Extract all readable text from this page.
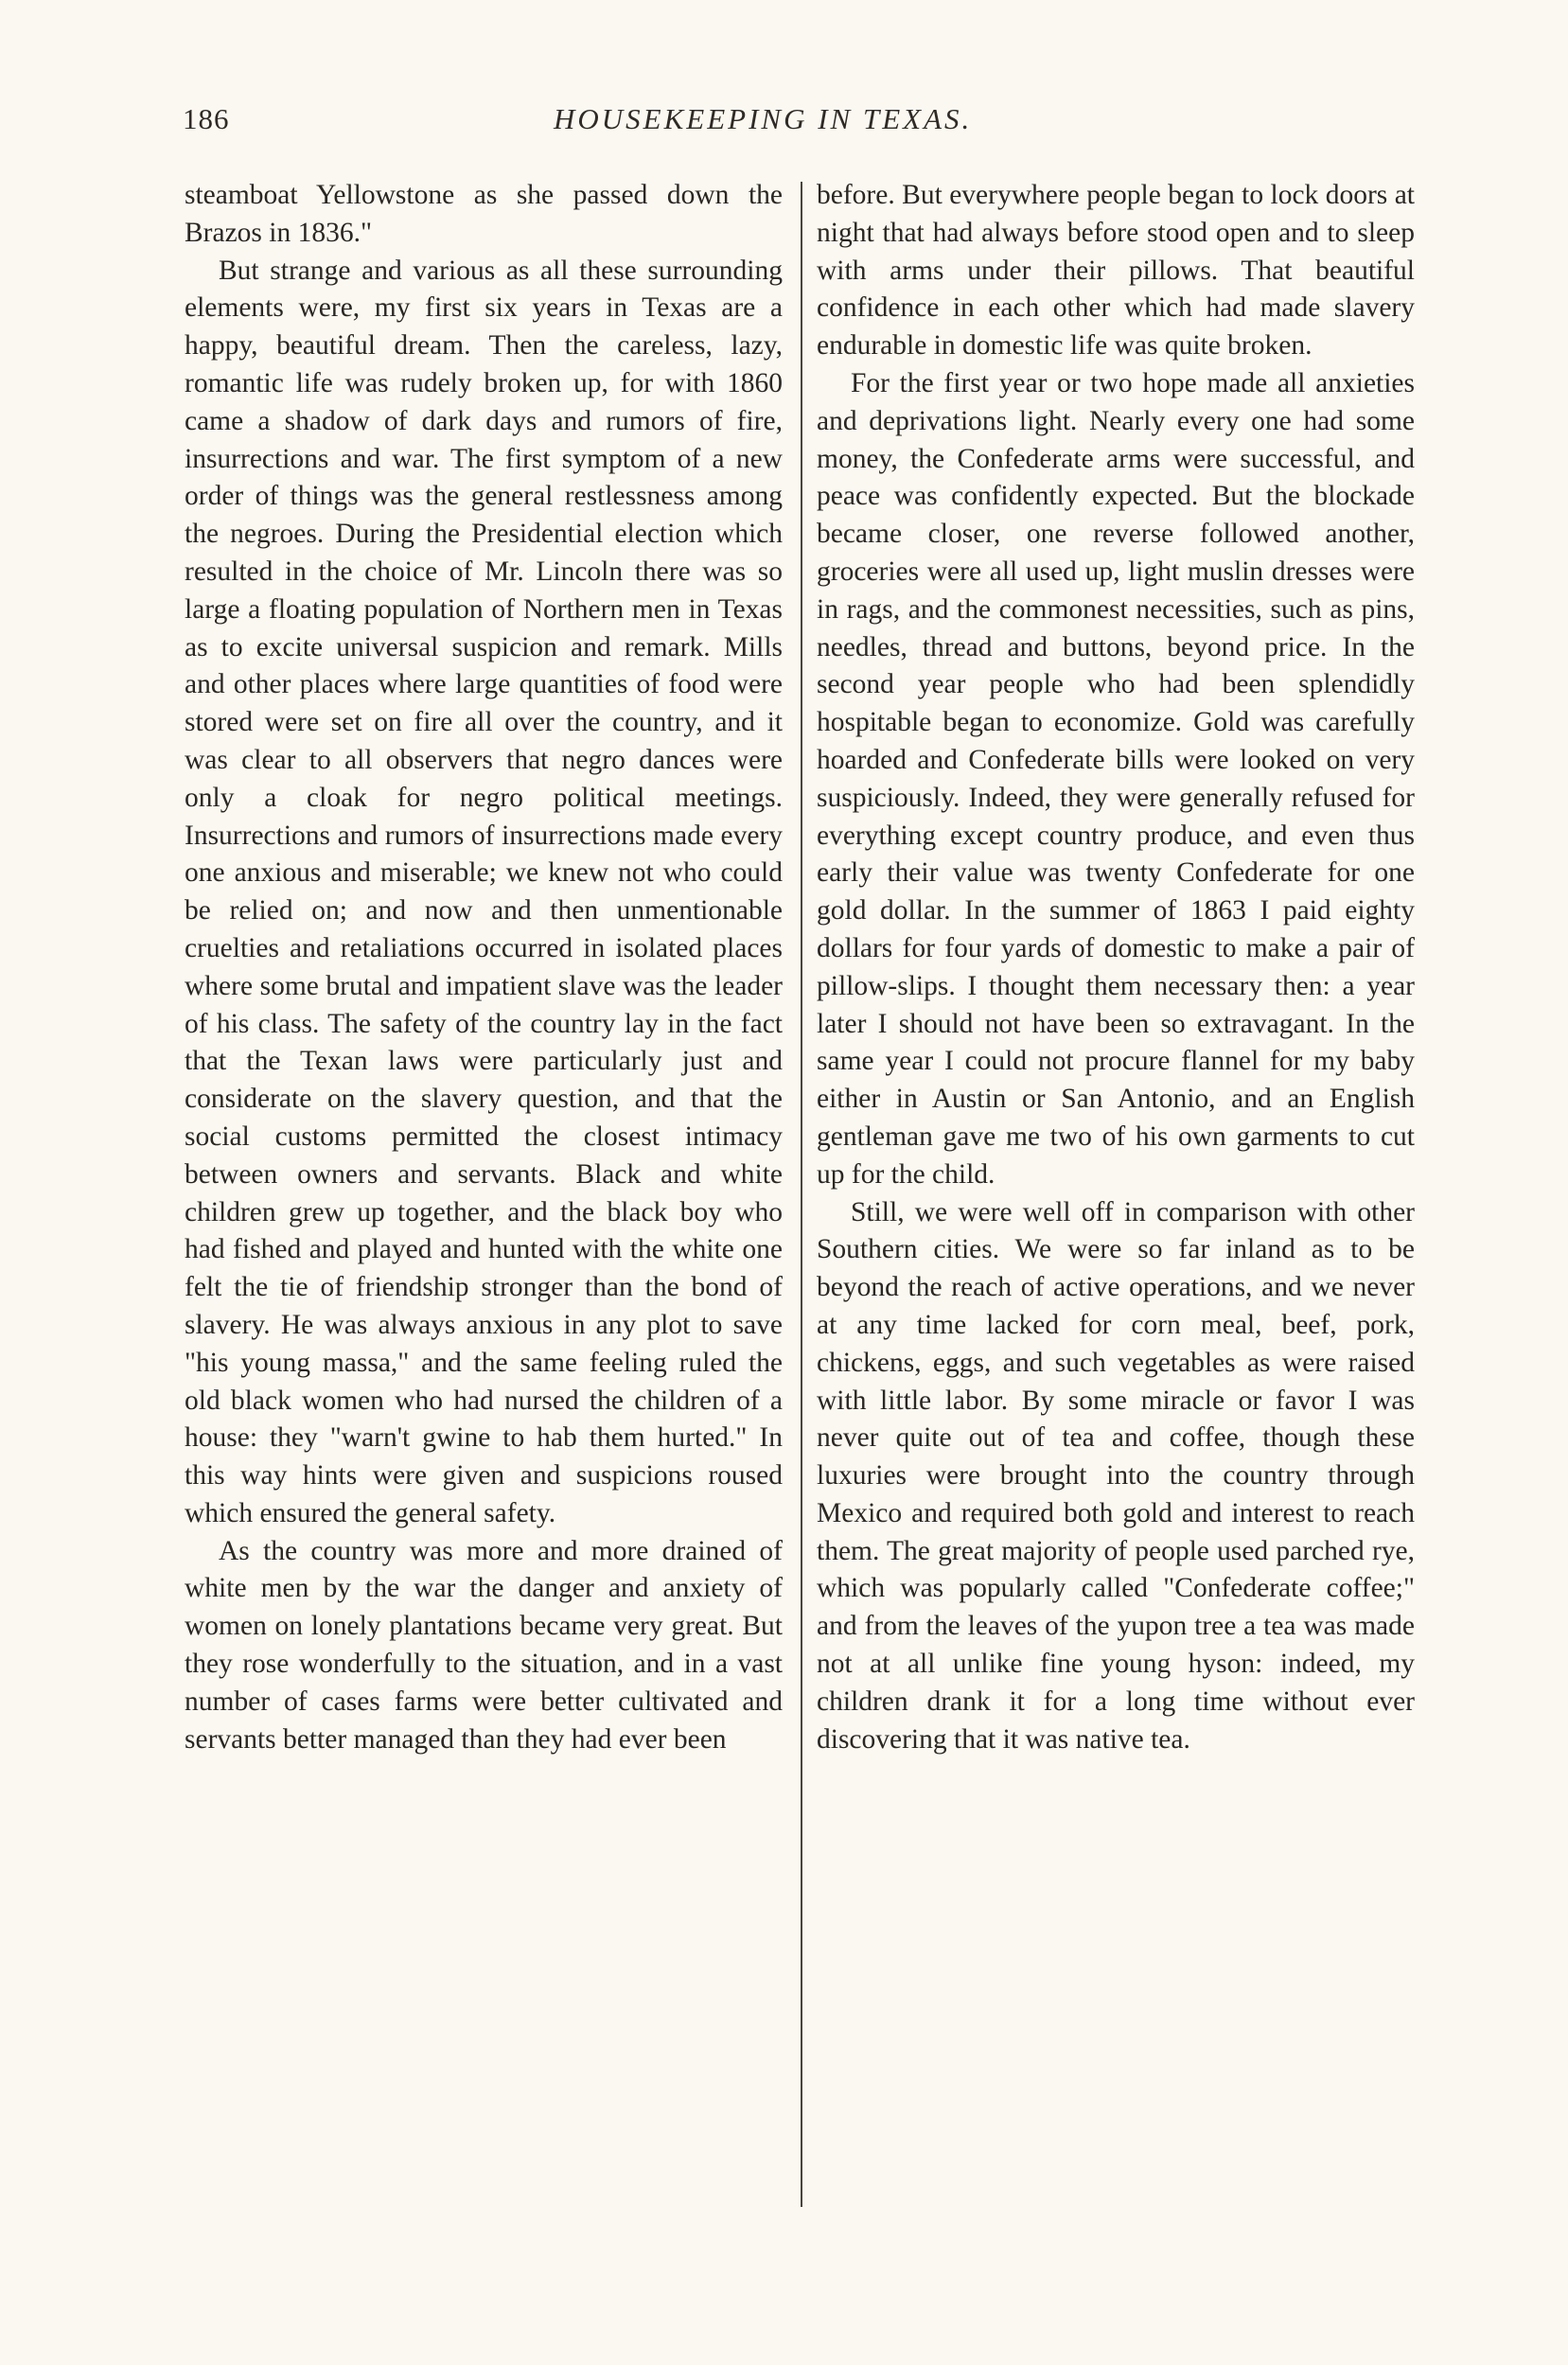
186	HOUSEKEEPING IN TEXAS.

steamboat Yellowstone as she passed down the Brazos in 1836."

But strange and various as all these surrounding elements were, my first six years in Texas are a happy, beautiful dream. Then the careless, lazy, romantic life was rudely broken up, for with 1860 came a shadow of dark days and rumors of fire, insurrections and war. The first symptom of a new order of things was the general restlessness among the negroes. During the Presidential election which resulted in the choice of Mr. Lincoln there was so large a floating population of Northern men in Texas as to excite universal suspicion and remark. Mills and other places where large quantities of food were stored were set on fire all over the country, and it was clear to all observers that negro dances were only a cloak for negro political meetings. Insurrections and rumors of insurrections made every one anxious and miserable; we knew not who could be relied on; and now and then unmentionable cruelties and retaliations occurred in isolated places where some brutal and impatient slave was the leader of his class. The safety of the country lay in the fact that the Texan laws were particularly just and considerate on the slavery question, and that the social customs permitted the closest intimacy between owners and servants. Black and white children grew up together, and the black boy who had fished and played and hunted with the white one felt the tie of friendship stronger than the bond of slavery. He was always anxious in any plot to save "his young massa," and the same feeling ruled the old black women who had nursed the children of a house: they "warn't gwine to hab them hurted." In this way hints were given and suspicions roused which ensured the general safety.

As the country was more and more drained of white men by the war the danger and anxiety of women on lonely plantations became very great. But they rose wonderfully to the situation, and in a vast number of cases farms were better cultivated and servants better managed than they had ever been

before. But everywhere people began to lock doors at night that had always before stood open and to sleep with arms under their pillows. That beautiful confidence in each other which had made slavery endurable in domestic life was quite broken.

For the first year or two hope made all anxieties and deprivations light. Nearly every one had some money, the Confederate arms were successful, and peace was confidently expected. But the blockade became closer, one reverse followed another, groceries were all used up, light muslin dresses were in rags, and the commonest necessities, such as pins, needles, thread and buttons, beyond price. In the second year people who had been splendidly hospitable began to economize. Gold was carefully hoarded and Confederate bills were looked on very suspiciously. Indeed, they were generally refused for everything except country produce, and even thus early their value was twenty Confederate for one gold dollar. In the summer of 1863 I paid eighty dollars for four yards of domestic to make a pair of pillow-slips. I thought them necessary then: a year later I should not have been so extravagant. In the same year I could not procure flannel for my baby either in Austin or San Antonio, and an English gentleman gave me two of his own garments to cut up for the child.

Still, we were well off in comparison with other Southern cities. We were so far inland as to be beyond the reach of active operations, and we never at any time lacked for corn meal, beef, pork, chickens, eggs, and such vegetables as were raised with little labor. By some miracle or favor I was never quite out of tea and coffee, though these luxuries were brought into the country through Mexico and required both gold and interest to reach them. The great majority of people used parched rye, which was popularly called "Confederate coffee;" and from the leaves of the yupon tree a tea was made not at all unlike fine young hyson: indeed, my children drank it for a long time without ever discovering that it was native tea.
